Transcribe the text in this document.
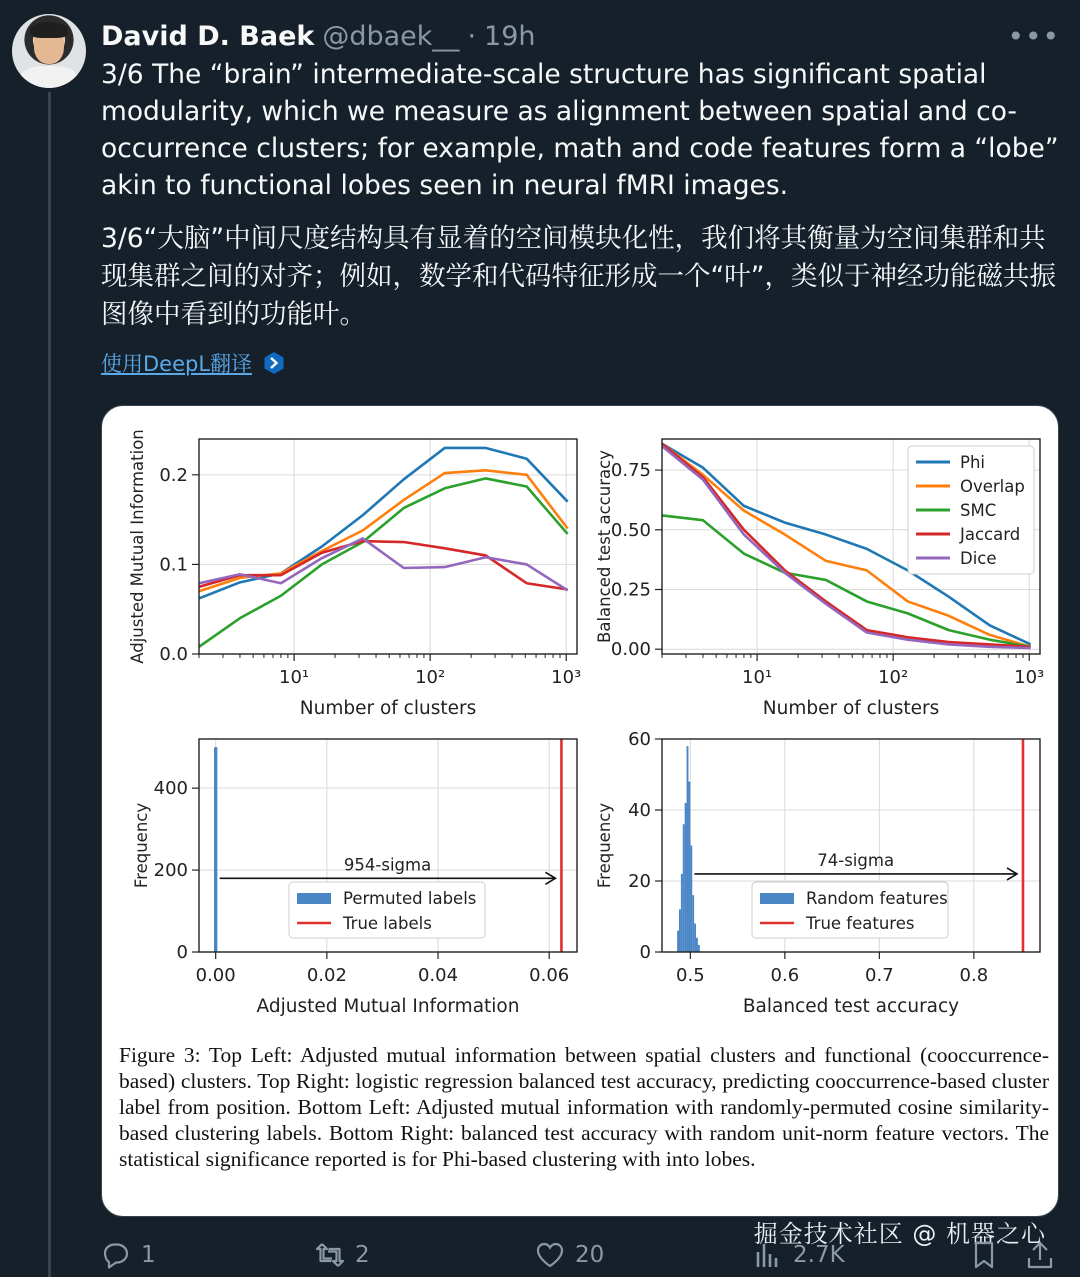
David D. Baek @dbaek__ · 19h	•••
3/6 The “brain” intermediate-scale structure has significant spatial modularity, which we measure as alignment between spatial and co-occurrence clusters; for example, math and code features form a “lobe” akin to functional lobes seen in neural fMRI images.
3/6“大脑”中间尺度结构具有显着的空间模块化性，我们将其衡量为空间集群和共现集群之间的对齐；例如，数学和代码特征形成一个“叶”，类似于神经功能磁共振图像中看到的功能叶。
使用DeepL翻译
10¹	10²	10³
0.0
0.1
0.2
Number of clusters
Adjusted Mutual Information
10¹	10²	10³
0.00
0.25
0.50
0.75
Number of clusters
Balanced test accuracy	Phi
Overlap
SMC
Jaccard
Dice
0.00	0.02	0.04	0.06
0
200
400
Adjusted Mutual Information
Frequency	954-sigma
Permuted labels
True labels
0.5	0.6	0.7	0.8
0
20
40
60
Balanced test accuracy
Frequency	74-sigma
Random features
True features
Figure 3: Top Left: Adjusted mutual information between spatial clusters and functional (cooccurrence-based) clusters. Top Right: logistic regression balanced test accuracy, predicting cooccurrence-based cluster label from position. Bottom Left: Adjusted mutual information with randomly-permuted cosine similarity-based clustering labels. Bottom Right: balanced test accuracy with random unit-norm feature vectors. The statistical significance reported is for Phi-based clustering with into lobes.
掘金技术社区 @ 机器之心
1	2	20	2.7K
